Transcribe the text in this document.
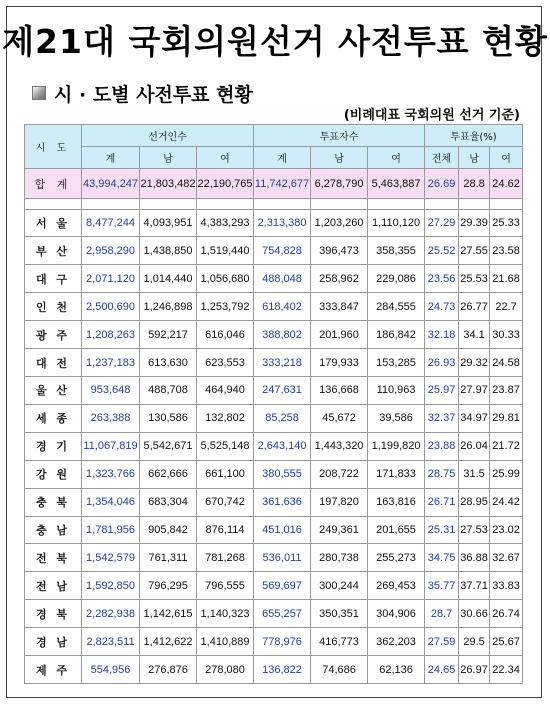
제21대 국회의원선거 사전투표 현황
시 · 도별 사전투표 현황
(비례대표 국회의원 선거 기준)
시 도	선거인수			투표자수			투표율(%)		
	계	남	여	계	남	여	전체	남	여
합 계	43,994,247	21,803,482	22,190,765	11,742,677	6,278,790	5,463,887	26.69	28.8	24.62

서 울	8,477,244	4,093,951	4,383,293	2,313,380	1,203,260	1,110,120	27.29	29.39	25.33
부 산	2,958,290	1,438,850	1,519,440	754,828	396,473	358,355	25.52	27.55	23.58
대 구	2,071,120	1,014,440	1,056,680	488,048	258,962	229,086	23.56	25.53	21.68
인 천	2,500,690	1,246,898	1,253,792	618,402	333,847	284,555	24.73	26.77	22.7
광 주	1,208,263	592,217	616,046	388,802	201,960	186,842	32.18	34.1	30.33
대 전	1,237,183	613,630	623,553	333,218	179,933	153,285	26.93	29.32	24.58
울 산	953,648	488,708	464,940	247,631	136,668	110,963	25.97	27.97	23.87
세 종	263,388	130,586	132,802	85,258	45,672	39,586	32.37	34.97	29.81
경 기	11,067,819	5,542,671	5,525,148	2,643,140	1,443,320	1,199,820	23.88	26.04	21.72
강 원	1,323,766	662,666	661,100	380,555	208,722	171,833	28.75	31.5	25.99
충 북	1,354,046	683,304	670,742	361,636	197,820	163,816	26.71	28.95	24.42
충 남	1,781,956	905,842	876,114	451,016	249,361	201,655	25.31	27.53	23.02
전 북	1,542,579	761,311	781,268	536,011	280,738	255,273	34.75	36.88	32.67
전 남	1,592,850	796,295	796,555	569,697	300,244	269,453	35.77	37.71	33.83
경 북	2,282,938	1,142,615	1,140,323	655,257	350,351	304,906	28.7	30.66	26.74
경 남	2,823,511	1,412,622	1,410,889	778,976	416,773	362,203	27.59	29.5	25.67
제 주	554,956	276,876	278,080	136,822	74,686	62,136	24.65	26.97	22.34
